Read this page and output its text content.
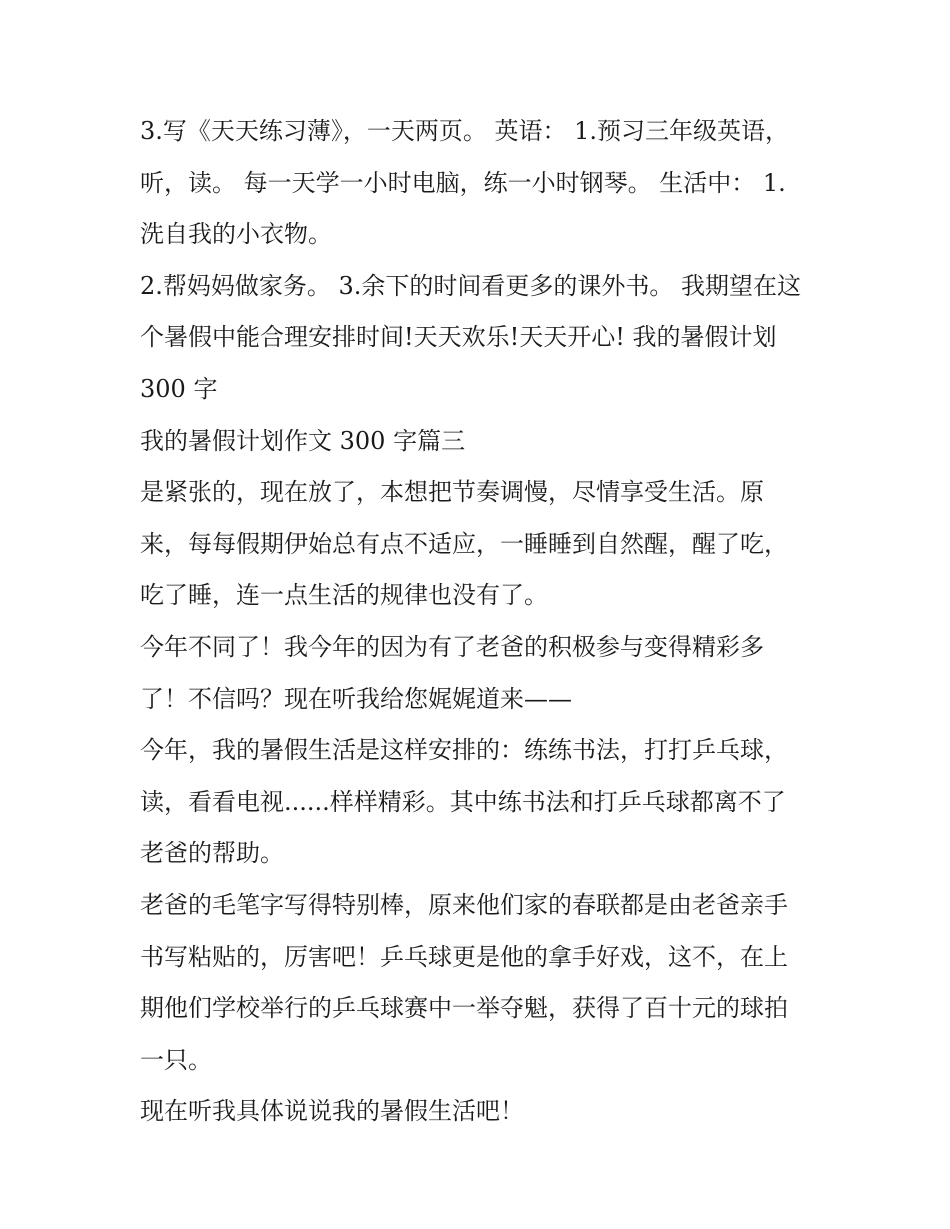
3.写《天天练习薄》，一天两页。 英语： 1.预习三年级英语，
听，读。 每一天学一小时电脑，练一小时钢琴。 生活中： 1.
洗自我的小衣物。
2.帮妈妈做家务。 3.余下的时间看更多的课外书。 我期望在这
个暑假中能合理安排时间!天天欢乐!天天开心! 我的暑假计划
300 字
我的暑假计划作文 300 字篇三
是紧张的，现在放了，本想把节奏调慢，尽情享受生活。原
来，每每假期伊始总有点不适应，一睡睡到自然醒，醒了吃，
吃了睡，连一点生活的规律也没有了。
今年不同了！我今年的因为有了老爸的积极参与变得精彩多
了！不信吗？现在听我给您娓娓道来——
今年，我的暑假生活是这样安排的：练练书法，打打乒乓球，
读，看看电视......样样精彩。其中练书法和打乒乓球都离不了
老爸的帮助。
老爸的毛笔字写得特别棒，原来他们家的春联都是由老爸亲手
书写粘贴的，厉害吧！乒乓球更是他的拿手好戏，这不，在上
期他们学校举行的乒乓球赛中一举夺魁，获得了百十元的球拍
一只。
现在听我具体说说我的暑假生活吧！
